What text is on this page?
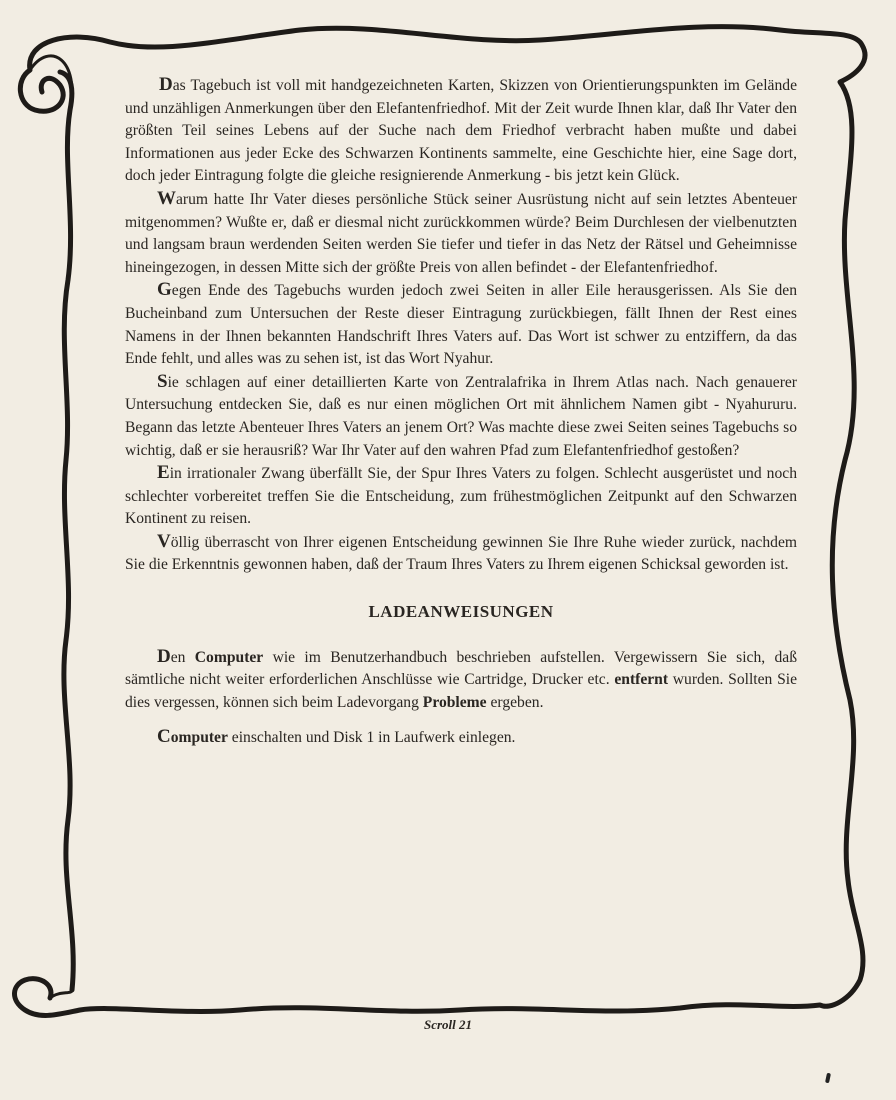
Das Tagebuch ist voll mit handgezeichneten Karten, Skizzen von Orientierungspunkten im Gelände und unzähligen Anmerkungen über den Elefantenfriedhof. Mit der Zeit wurde Ihnen klar, daß Ihr Vater den größten Teil seines Lebens auf der Suche nach dem Friedhof verbracht haben mußte und dabei Informationen aus jeder Ecke des Schwarzen Kontinents sammelte, eine Geschichte hier, eine Sage dort, doch jeder Eintragung folgte die gleiche resignierende Anmerkung - bis jetzt kein Glück.

Warum hatte Ihr Vater dieses persönliche Stück seiner Ausrüstung nicht auf sein letztes Abenteuer mitgenommen? Wußte er, daß er diesmal nicht zurückkommen würde? Beim Durchlesen der vielbenutzten und langsam braun werdenden Seiten werden Sie tiefer und tiefer in das Netz der Rätsel und Geheimnisse hineingezogen, in dessen Mitte sich der größte Preis von allen befindet - der Elefantenfriedhof.

Gegen Ende des Tagebuchs wurden jedoch zwei Seiten in aller Eile herausgerissen. Als Sie den Bucheinband zum Untersuchen der Reste dieser Eintragung zurückbiegen, fällt Ihnen der Rest eines Namens in der Ihnen bekannten Handschrift Ihres Vaters auf. Das Wort ist schwer zu entziffern, da das Ende fehlt, und alles was zu sehen ist, ist das Wort Nyahur.

Sie schlagen auf einer detaillierten Karte von Zentralafrika in Ihrem Atlas nach. Nach genauerer Untersuchung entdecken Sie, daß es nur einen möglichen Ort mit ähnlichem Namen gibt - Nyahururu. Begann das letzte Abenteuer Ihres Vaters an jenem Ort? Was machte diese zwei Seiten seines Tagebuchs so wichtig, daß er sie herausriß? War Ihr Vater auf den wahren Pfad zum Elefantenfriedhof gestoßen?

Ein irrationaler Zwang überfällt Sie, der Spur Ihres Vaters zu folgen. Schlecht ausgerüstet und noch schlechter vorbereitet treffen Sie die Entscheidung, zum frühestmöglichen Zeitpunkt auf den Schwarzen Kontinent zu reisen.

Völlig überrascht von Ihrer eigenen Entscheidung gewinnen Sie Ihre Ruhe wieder zurück, nachdem Sie die Erkenntnis gewonnen haben, daß der Traum Ihres Vaters zu Ihrem eigenen Schicksal geworden ist.

LADEANWEISUNGEN

Den Computer wie im Benutzerhandbuch beschrieben aufstellen. Vergewissern Sie sich, daß sämtliche nicht weiter erforderlichen Anschlüsse wie Cartridge, Drucker etc. entfernt wurden. Sollten Sie dies vergessen, können sich beim Ladevorgang Probleme ergeben.

Computer einschalten und Disk 1 in Laufwerk einlegen.

Scroll 21
